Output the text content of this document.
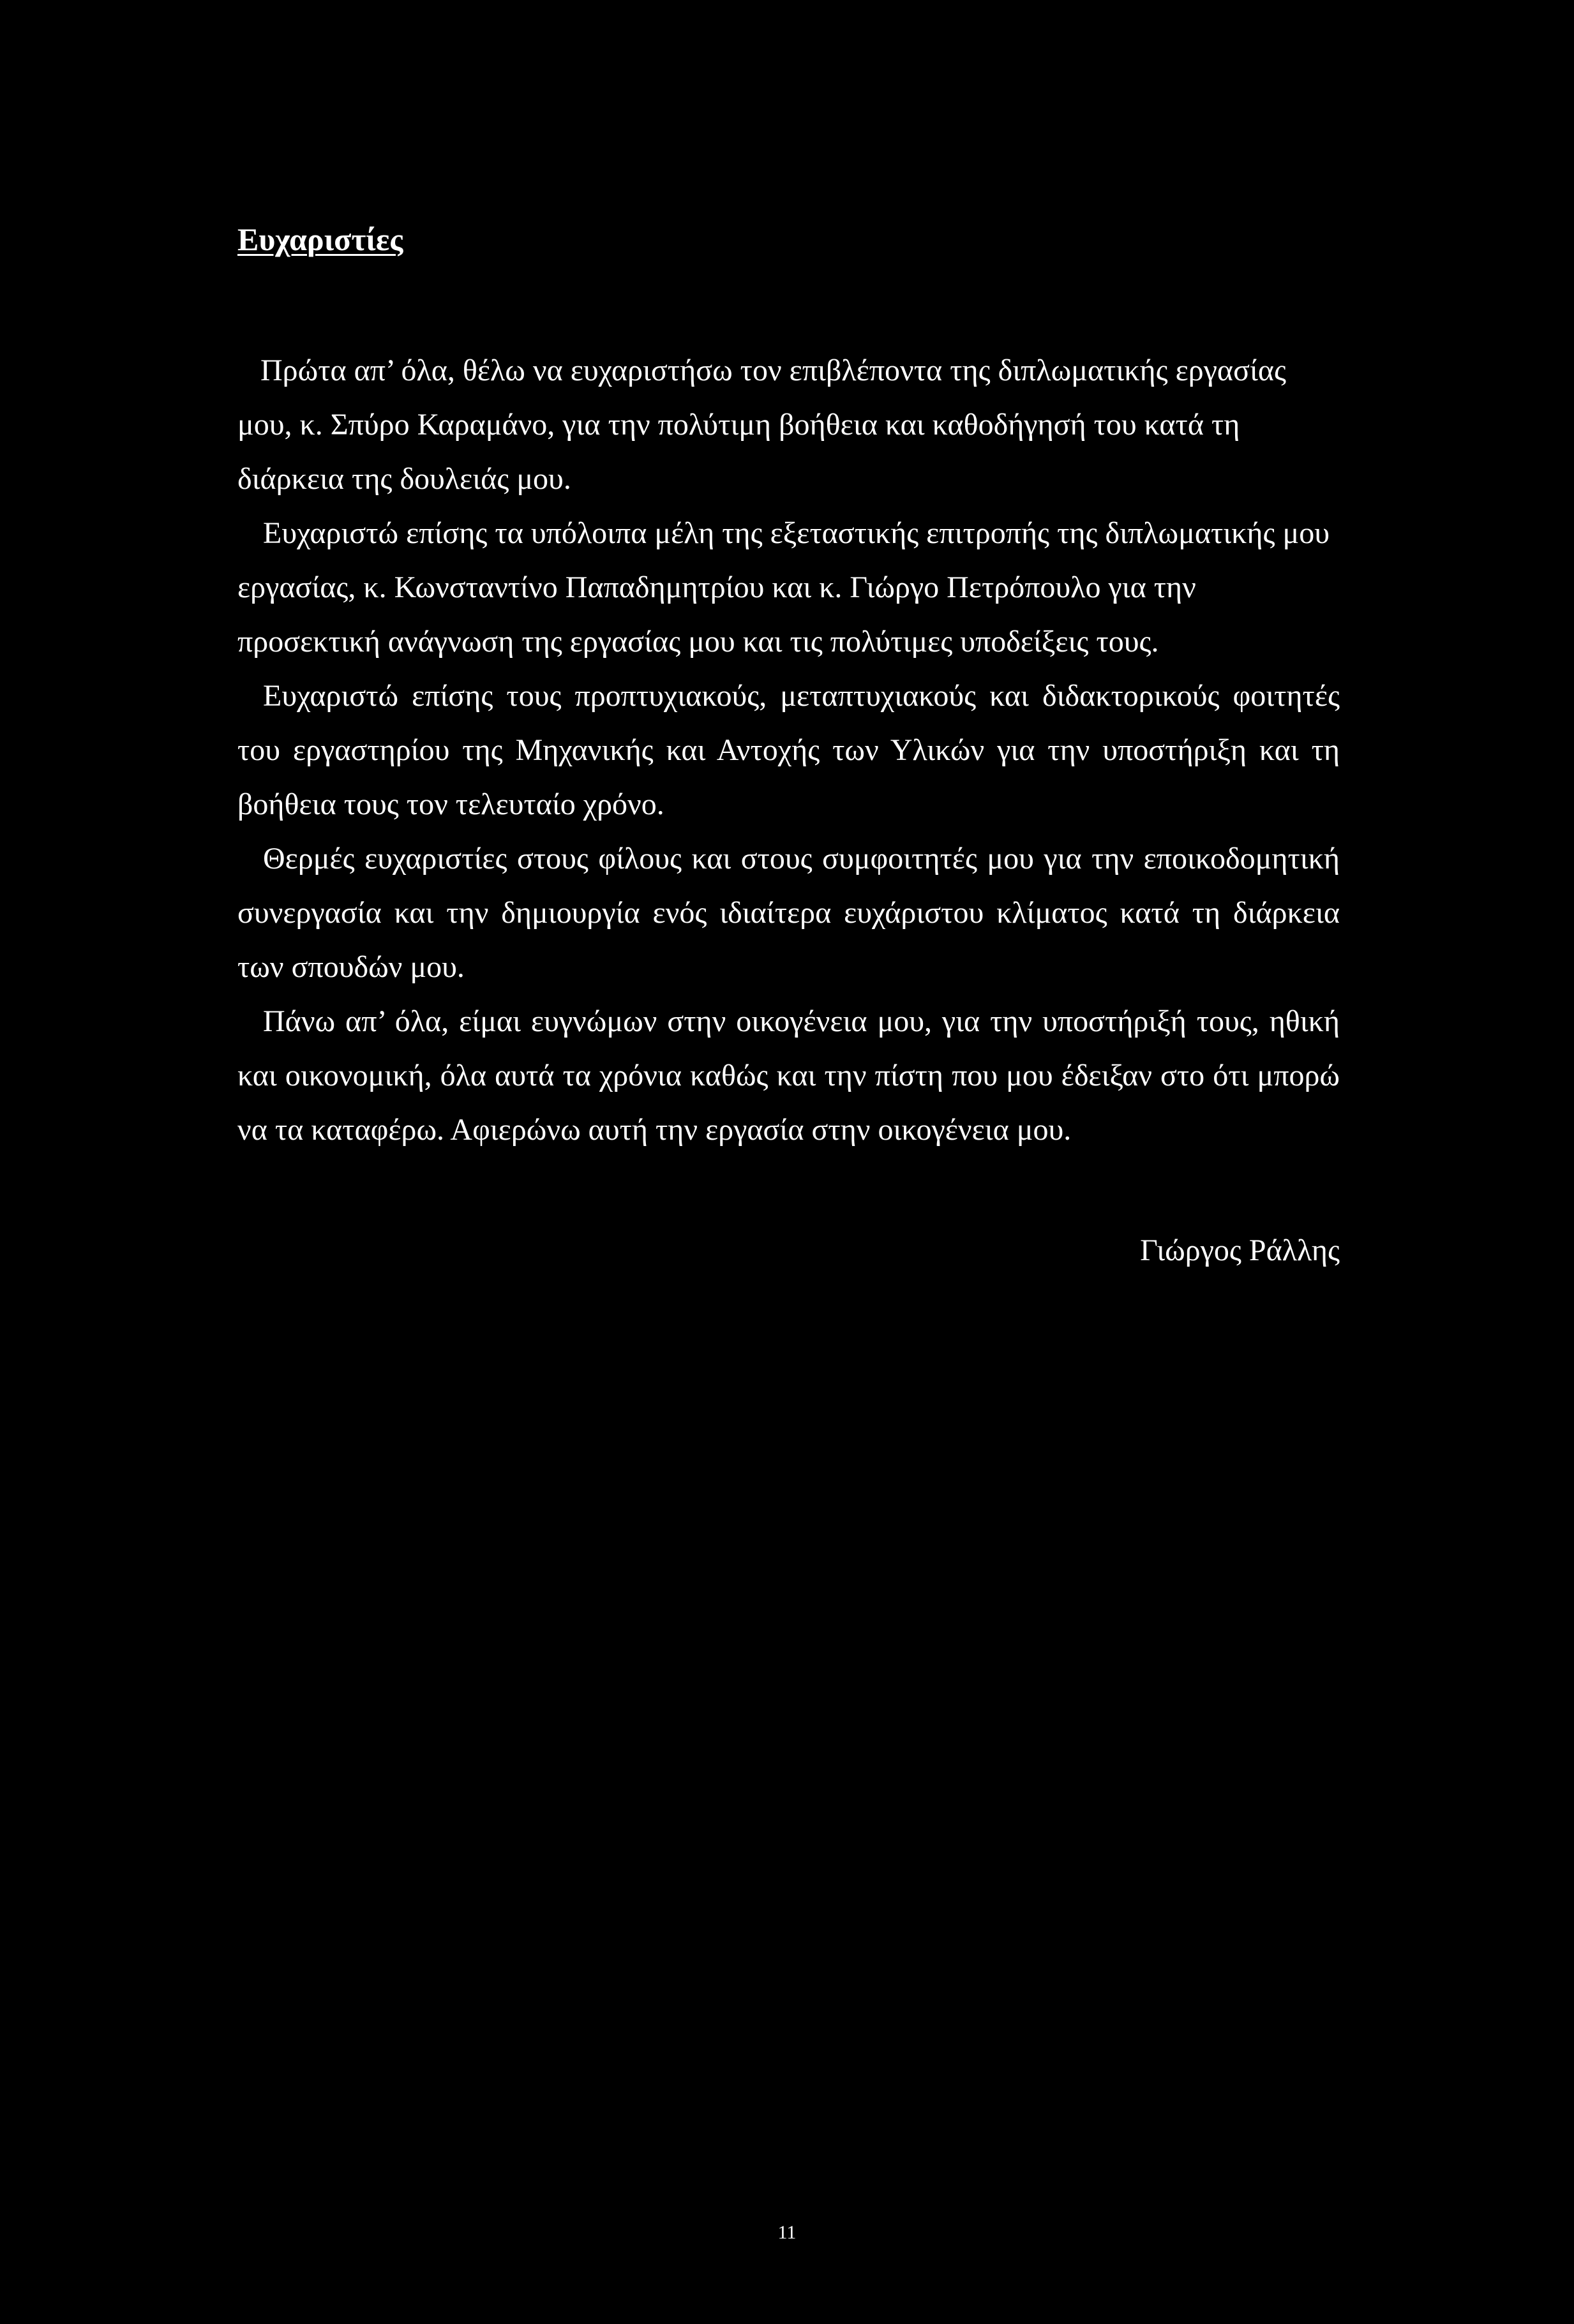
Ευχαριστίες

Πρώτα απ’ όλα, θέλω να ευχαριστήσω τον επιβλέποντα της διπλωματικής εργασίας μου, κ. Σπύρο Καραμάνο, για την πολύτιμη βοήθεια και καθοδήγησή του κατά τη διάρκεια της δουλειάς μου.

Ευχαριστώ επίσης τα υπόλοιπα μέλη της εξεταστικής επιτροπής της διπλωματικής μου εργασίας, κ. Κωνσταντίνο Παπαδημητρίου και κ. Γιώργο Πετρόπουλο για την προσεκτική ανάγνωση της εργασίας μου και τις πολύτιμες υποδείξεις τους.

Ευχαριστώ επίσης τους προπτυχιακούς, μεταπτυχιακούς και διδακτορικούς φοιτητές του εργαστηρίου της Μηχανικής και Αντοχής των Υλικών για την υποστήριξη και τη βοήθεια τους τον τελευταίο χρόνο.

Θερμές ευχαριστίες στους φίλους και στους συμφοιτητές μου για την εποικοδομητική συνεργασία και την δημιουργία ενός ιδιαίτερα ευχάριστου κλίματος κατά τη διάρκεια των σπουδών μου.

Πάνω απ’ όλα, είμαι ευγνώμων στην οικογένεια μου, για την υποστήριξή τους, ηθική και οικονομική, όλα αυτά τα χρόνια καθώς και την πίστη που μου έδειξαν στο ότι μπορώ να τα καταφέρω. Αφιερώνω αυτή την εργασία στην οικογένεια μου.

Γιώργος Ράλλης
11
